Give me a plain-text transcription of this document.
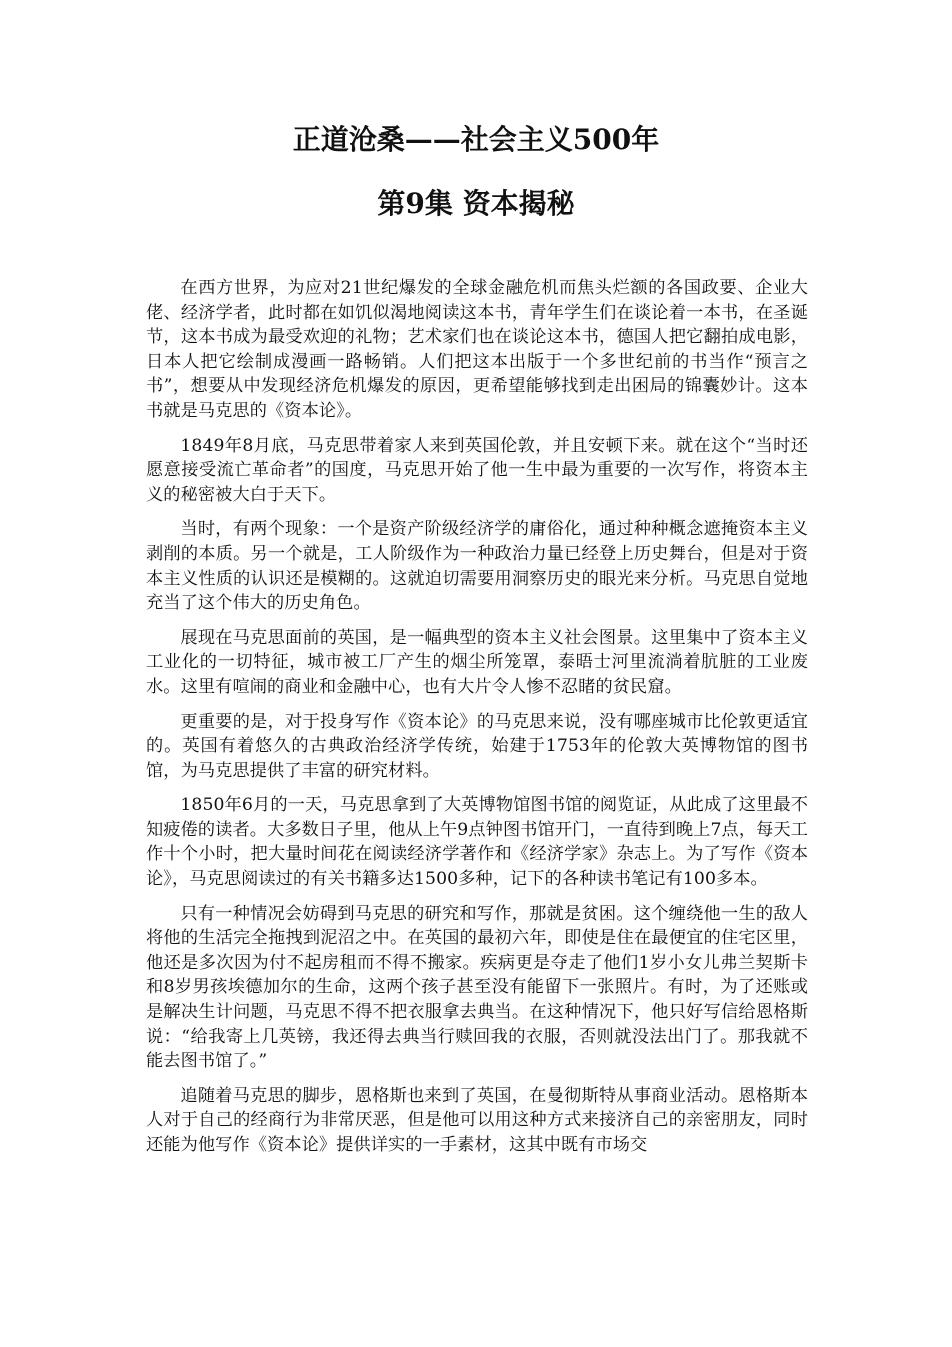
正道沧桑——社会主义500年
第9集 资本揭秘

在西方世界，为应对21世纪爆发的全球金融危机而焦头烂额的各国政要、企业大佬、经济学者，此时都在如饥似渴地阅读这本书，青年学生们在谈论着一本书，在圣诞节，这本书成为最受欢迎的礼物；艺术家们也在谈论这本书，德国人把它翻拍成电影，日本人把它绘制成漫画一路畅销。人们把这本出版于一个多世纪前的书当作“预言之书”，想要从中发现经济危机爆发的原因，更希望能够找到走出困局的锦囊妙计。这本书就是马克思的《资本论》。

1849年8月底，马克思带着家人来到英国伦敦，并且安顿下来。就在这个“当时还愿意接受流亡革命者”的国度，马克思开始了他一生中最为重要的一次写作，将资本主义的秘密被大白于天下。

当时，有两个现象：一个是资产阶级经济学的庸俗化，通过种种概念遮掩资本主义剥削的本质。另一个就是，工人阶级作为一种政治力量已经登上历史舞台，但是对于资本主义性质的认识还是模糊的。这就迫切需要用洞察历史的眼光来分析。马克思自觉地充当了这个伟大的历史角色。

展现在马克思面前的英国，是一幅典型的资本主义社会图景。这里集中了资本主义工业化的一切特征，城市被工厂产生的烟尘所笼罩，泰晤士河里流淌着肮脏的工业废水。这里有喧闹的商业和金融中心，也有大片令人惨不忍睹的贫民窟。

更重要的是，对于投身写作《资本论》的马克思来说，没有哪座城市比伦敦更适宜的。英国有着悠久的古典政治经济学传统，始建于1753年的伦敦大英博物馆的图书馆，为马克思提供了丰富的研究材料。

1850年6月的一天，马克思拿到了大英博物馆图书馆的阅览证，从此成了这里最不知疲倦的读者。大多数日子里，他从上午9点钟图书馆开门，一直待到晚上7点，每天工作十个小时，把大量时间花在阅读经济学著作和《经济学家》杂志上。为了写作《资本论》，马克思阅读过的有关书籍多达1500多种，记下的各种读书笔记有100多本。

只有一种情况会妨碍到马克思的研究和写作，那就是贫困。这个缠绕他一生的敌人将他的生活完全拖拽到泥沼之中。在英国的最初六年，即使是住在最便宜的住宅区里，他还是多次因为付不起房租而不得不搬家。疾病更是夺走了他们1岁小女儿弗兰契斯卡和8岁男孩埃德加尔的生命，这两个孩子甚至没有能留下一张照片。有时，为了还账或是解决生计问题，马克思不得不把衣服拿去典当。在这种情况下，他只好写信给恩格斯说：“给我寄上几英镑，我还得去典当行赎回我的衣服，否则就没法出门了。那我就不能去图书馆了。”

追随着马克思的脚步，恩格斯也来到了英国，在曼彻斯特从事商业活动。恩格斯本人对于自己的经商行为非常厌恶，但是他可以用这种方式来接济自己的亲密朋友，同时还能为他写作《资本论》提供详实的一手素材，这其中既有市场交
